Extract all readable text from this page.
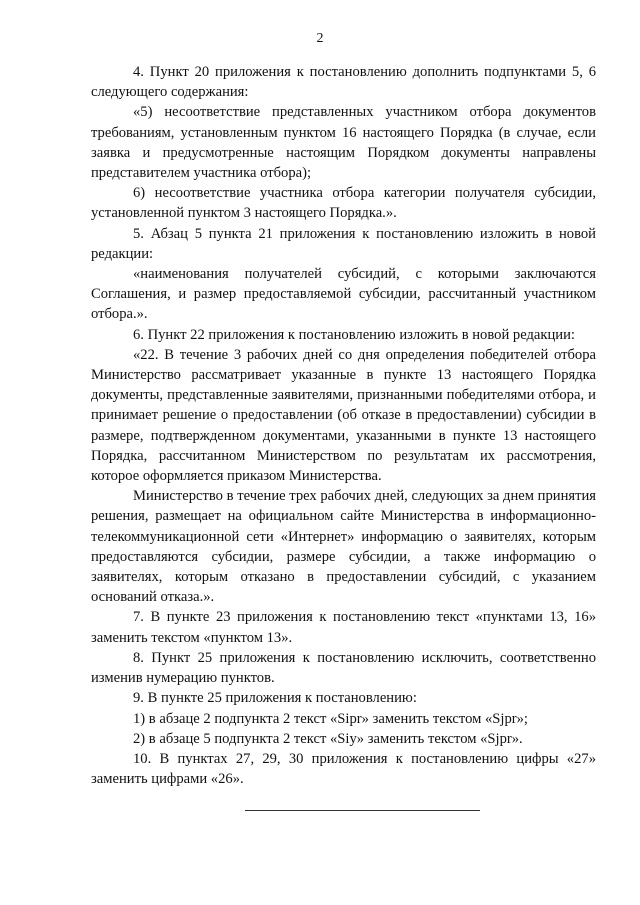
2

4. Пункт 20 приложения к постановлению дополнить подпунктами 5, 6 следующего содержания:

«5) несоответствие представленных участником отбора документов требованиям, установленным пунктом 16 настоящего Порядка (в случае, если заявка и предусмотренные настоящим Порядком документы направлены представителем участника отбора);

6) несоответствие участника отбора категории получателя субсидии, установленной пунктом 3 настоящего Порядка.».

5. Абзац 5 пункта 21 приложения к постановлению изложить в новой редакции:

«наименования получателей субсидий, с которыми заключаются Соглашения, и размер предоставляемой субсидии, рассчитанный участником отбора.».

6. Пункт 22 приложения к постановлению изложить в новой редакции:

«22. В течение 3 рабочих дней со дня определения победителей отбора Министерство рассматривает указанные в пункте 13 настоящего Порядка документы, представленные заявителями, признанными победителями отбора, и принимает решение о предоставлении (об отказе в предоставлении) субсидии в размере, подтвержденном документами, указанными в пункте 13 настоящего Порядка, рассчитанном Министерством по результатам их рассмотрения, которое оформляется приказом Министерства.

Министерство в течение трех рабочих дней, следующих за днем принятия решения, размещает на официальном сайте Министерства в информационно-телекоммуникационной сети «Интернет» информацию о заявителях, которым предоставляются субсидии, размере субсидии, а также информацию о заявителях, которым отказано в предоставлении субсидий, с указанием оснований отказа.».

7. В пункте 23 приложения к постановлению текст «пунктами 13, 16» заменить текстом «пунктом 13».

8. Пункт 25 приложения к постановлению исключить, соответственно изменив нумерацию пунктов.

9. В пункте 25 приложения к постановлению:

1) в абзаце 2 подпункта 2 текст «Sipr» заменить текстом «Sjpr»;

2) в абзаце 5 подпункта 2 текст «Siy» заменить текстом «Sjpr».

10. В пунктах 27, 29, 30 приложения к постановлению цифры «27» заменить цифрами «26».
